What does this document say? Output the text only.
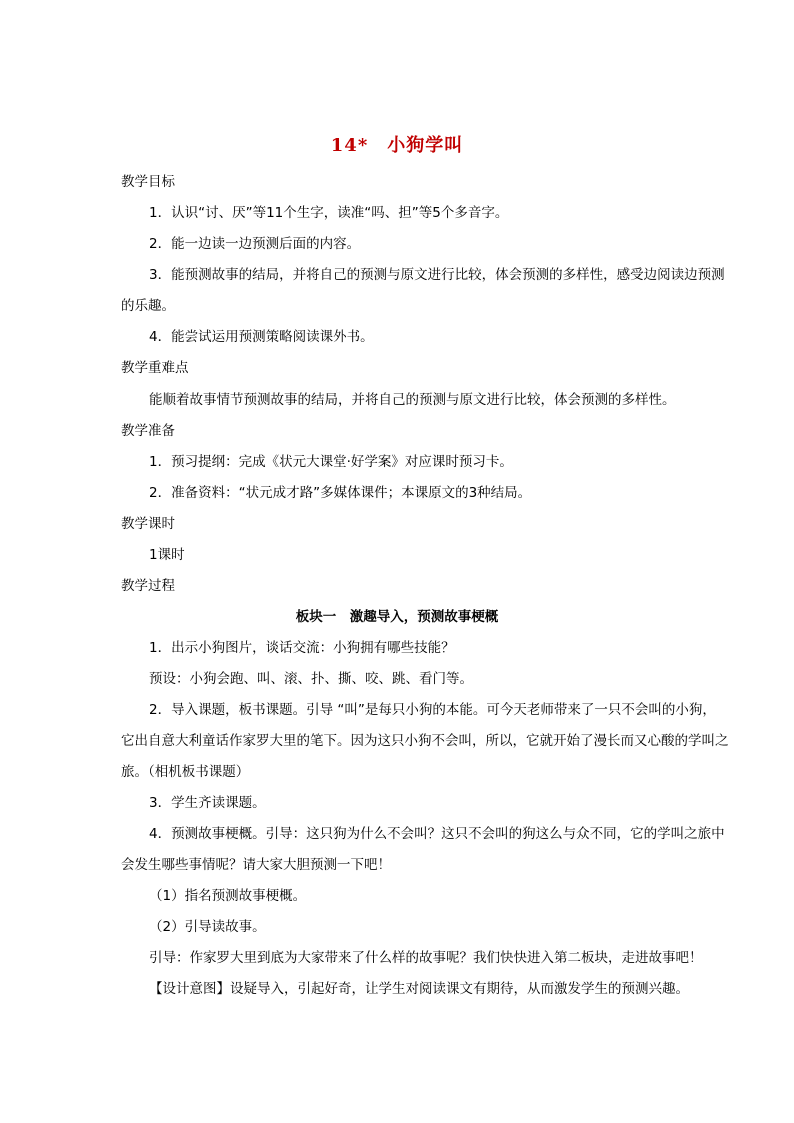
14*　小狗学叫
教学目标
1．认识“讨、厌”等11个生字，读准“吗、担”等5个多音字。
2．能一边读一边预测后面的内容。
3．能预测故事的结局，并将自己的预测与原文进行比较，体会预测的多样性，感受边阅读边预测
的乐趣。
4．能尝试运用预测策略阅读课外书。
教学重难点
能顺着故事情节预测故事的结局，并将自己的预测与原文进行比较，体会预测的多样性。
教学准备
1．预习提纲：完成《状元大课堂·好学案》对应课时预习卡。
2．准备资料：“状元成才路”多媒体课件；本课原文的3种结局。
教学课时
1课时
教学过程
板块一　激趣导入，预测故事梗概
1．出示小狗图片，谈话交流：小狗拥有哪些技能？
预设：小狗会跑、叫、滚、扑、撕、咬、跳、看门等。
2．导入课题，板书课题。引导 “叫”是每只小狗的本能。可今天老师带来了一只不会叫的小狗，
它出自意大利童话作家罗大里的笔下。因为这只小狗不会叫，所以，它就开始了漫长而又心酸的学叫之
旅。（相机板书课题）
3．学生齐读课题。
4．预测故事梗概。引导：这只狗为什么不会叫？这只不会叫的狗这么与众不同，它的学叫之旅中
会发生哪些事情呢？请大家大胆预测一下吧！
（1）指名预测故事梗概。
（2）引导读故事。
引导：作家罗大里到底为大家带来了什么样的故事呢？我们快快进入第二板块，走进故事吧！
【设计意图】设疑导入，引起好奇，让学生对阅读课文有期待，从而激发学生的预测兴趣。
